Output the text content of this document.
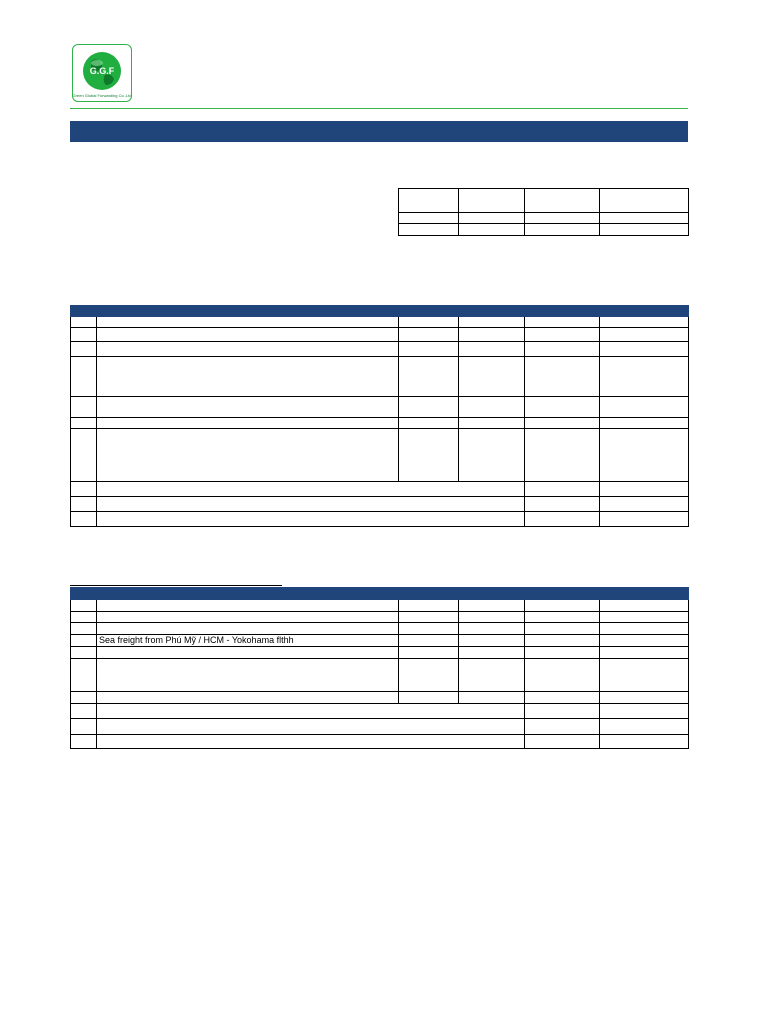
G.G.F
Green Global Forwarding Co.,Ltd

	Sea freight from Phú Mỹ / HCM - Yokohama flthh				
